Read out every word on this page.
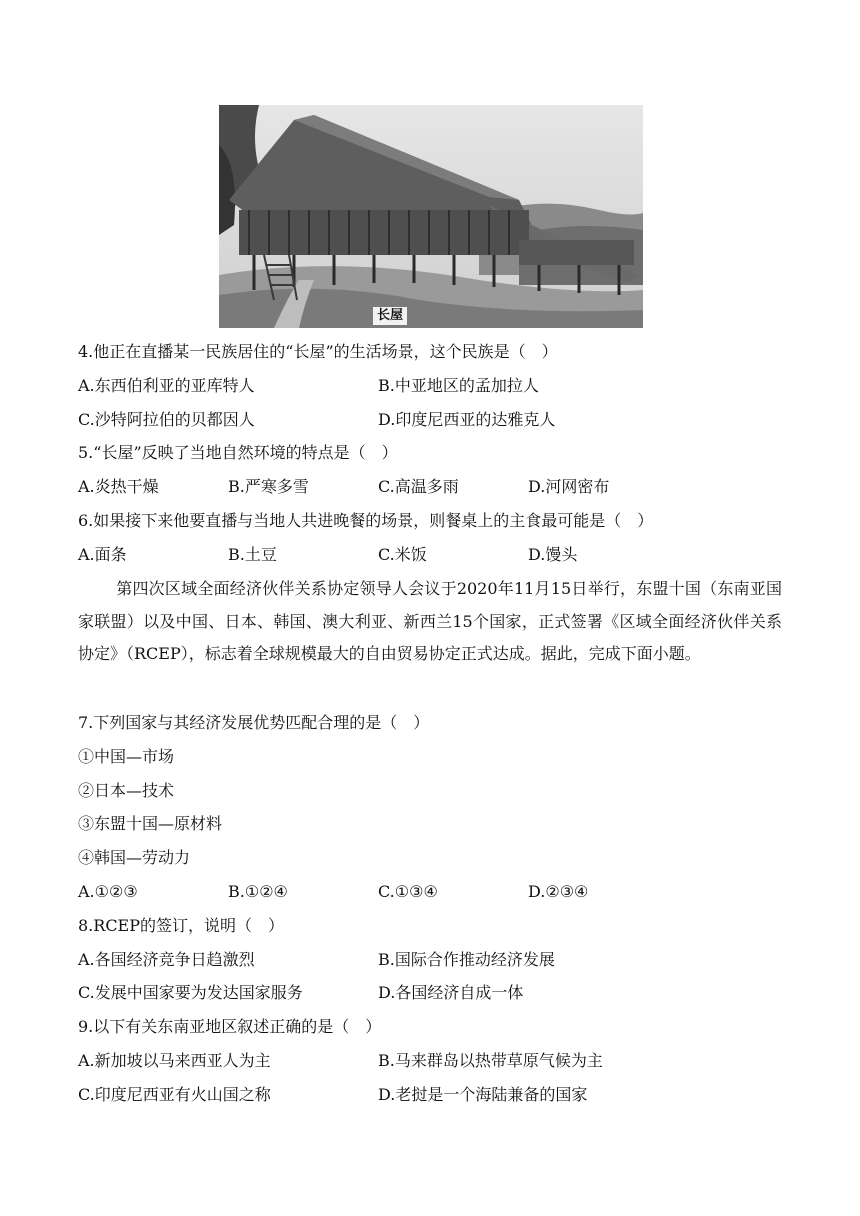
长屋
4.他正在直播某一民族居住的“长屋”的生活场景，这个民族是（　）
A.东西伯利亚的亚库特人	B.中亚地区的孟加拉人
C.沙特阿拉伯的贝都因人	D.印度尼西亚的达雅克人
5.“长屋”反映了当地自然环境的特点是（　）
A.炎热干燥	B.严寒多雪	C.高温多雨	D.河网密布
6.如果接下来他要直播与当地人共进晚餐的场景，则餐桌上的主食最可能是（　）
A.面条	B.土豆	C.米饭	D.馒头
第四次区域全面经济伙伴关系协定领导人会议于2020年11月15日举行，东盟十国（东南亚国家联盟）以及中国、日本、韩国、澳大利亚、新西兰15个国家，正式签署《区域全面经济伙伴关系协定》（RCEP），标志着全球规模最大的自由贸易协定正式达成。据此，完成下面小题。
7.下列国家与其经济发展优势匹配合理的是（　）
①中国—市场
②日本—技术
③东盟十国—原材料
④韩国—劳动力
A.①②③	B.①②④	C.①③④	D.②③④
8.RCEP的签订，说明（　）
A.各国经济竞争日趋激烈	B.国际合作推动经济发展
C.发展中国家要为发达国家服务	D.各国经济自成一体
9.以下有关东南亚地区叙述正确的是（　）
A.新加坡以马来西亚人为主	B.马来群岛以热带草原气候为主
C.印度尼西亚有火山国之称	D.老挝是一个海陆兼备的国家
